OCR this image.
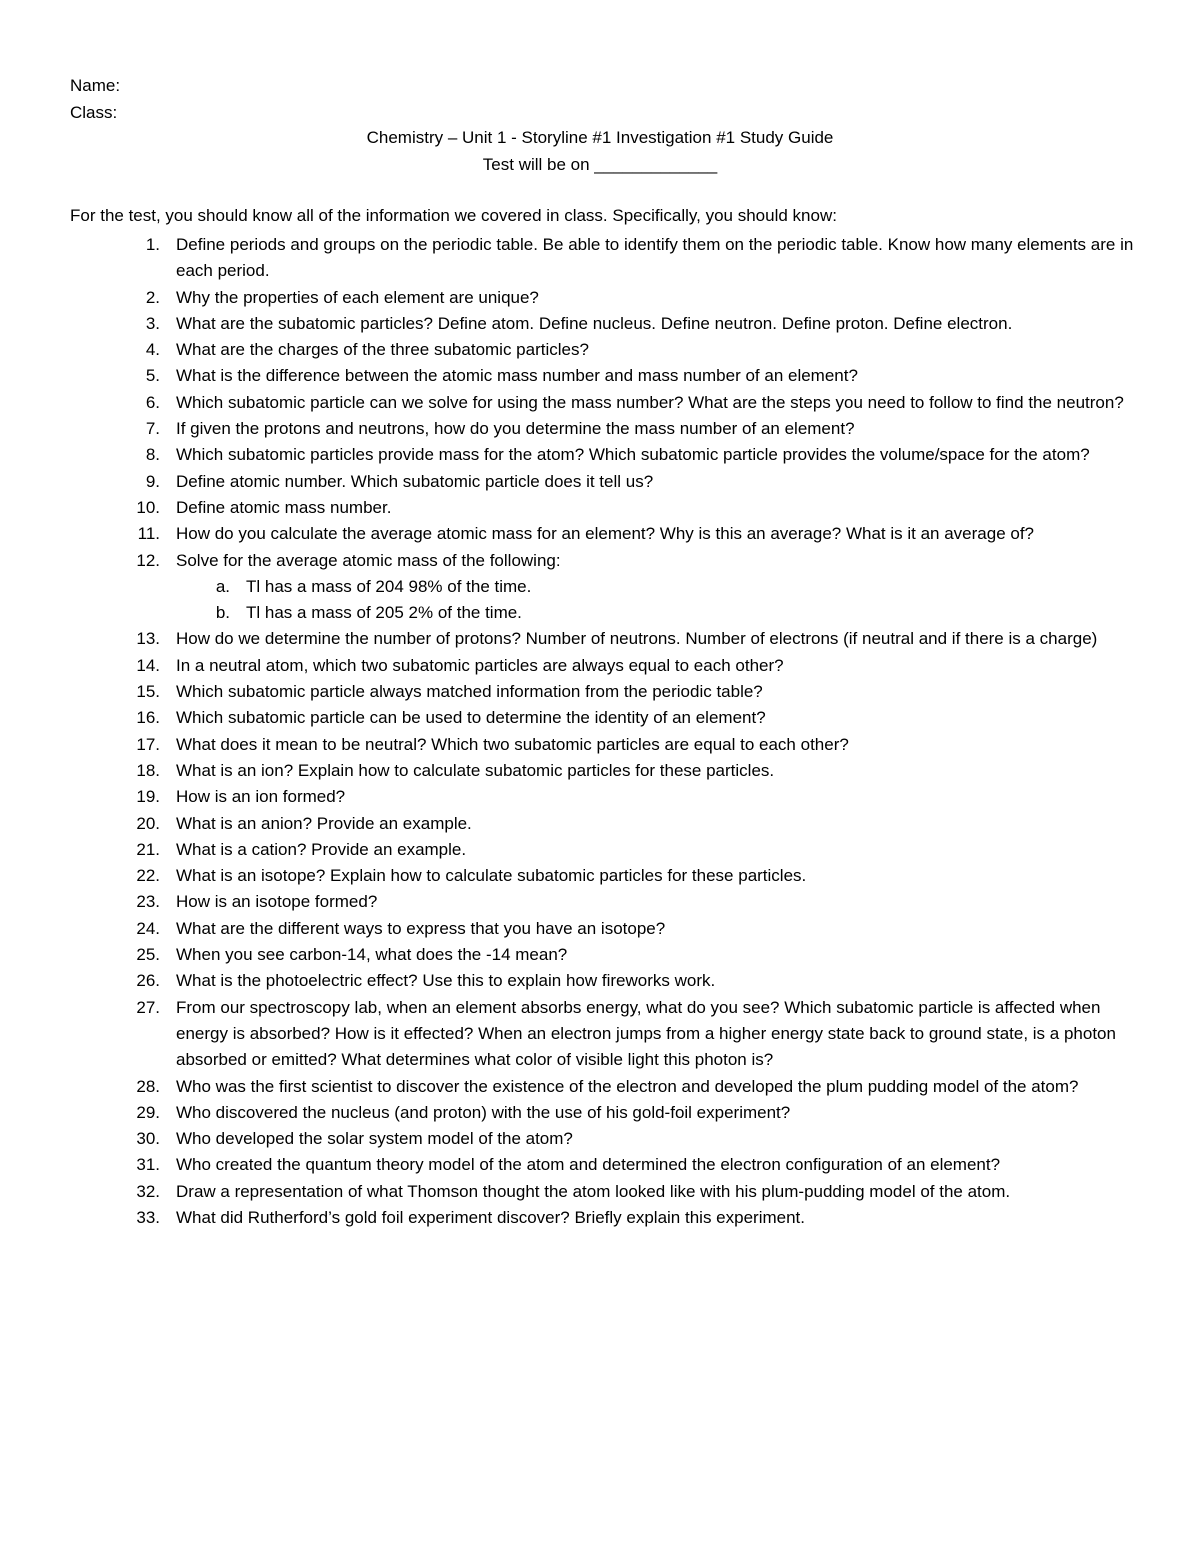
Name:
Class:
Chemistry – Unit 1 - Storyline #1 Investigation #1 Study Guide
Test will be on _____________
For the test, you should know all of the information we covered in class. Specifically, you should know:
1. Define periods and groups on the periodic table. Be able to identify them on the periodic table. Know how many elements are in each period.
2. Why the properties of each element are unique?
3. What are the subatomic particles? Define atom. Define nucleus. Define neutron. Define proton. Define electron.
4. What are the charges of the three subatomic particles?
5. What is the difference between the atomic mass number and mass number of an element?
6. Which subatomic particle can we solve for using the mass number? What are the steps you need to follow to find the neutron?
7. If given the protons and neutrons, how do you determine the mass number of an element?
8. Which subatomic particles provide mass for the atom? Which subatomic particle provides the volume/space for the atom?
9. Define atomic number. Which subatomic particle does it tell us?
10. Define atomic mass number.
11. How do you calculate the average atomic mass for an element? Why is this an average? What is it an average of?
12. Solve for the average atomic mass of the following:
a. Tl has a mass of 204 98% of the time.
b. Tl has a mass of 205 2% of the time.
13. How do we determine the number of protons? Number of neutrons. Number of electrons (if neutral and if there is a charge)
14. In a neutral atom, which two subatomic particles are always equal to each other?
15. Which subatomic particle always matched information from the periodic table?
16. Which subatomic particle can be used to determine the identity of an element?
17. What does it mean to be neutral? Which two subatomic particles are equal to each other?
18. What is an ion? Explain how to calculate subatomic particles for these particles.
19. How is an ion formed?
20. What is an anion? Provide an example.
21. What is a cation? Provide an example.
22. What is an isotope? Explain how to calculate subatomic particles for these particles.
23. How is an isotope formed?
24. What are the different ways to express that you have an isotope?
25. When you see carbon-14, what does the -14 mean?
26. What is the photoelectric effect? Use this to explain how fireworks work.
27. From our spectroscopy lab, when an element absorbs energy, what do you see? Which subatomic particle is affected when energy is absorbed? How is it effected? When an electron jumps from a higher energy state back to ground state, is a photon absorbed or emitted? What determines what color of visible light this photon is?
28. Who was the first scientist to discover the existence of the electron and developed the plum pudding model of the atom?
29. Who discovered the nucleus (and proton) with the use of his gold-foil experiment?
30. Who developed the solar system model of the atom?
31. Who created the quantum theory model of the atom and determined the electron configuration of an element?
32. Draw a representation of what Thomson thought the atom looked like with his plum-pudding model of the atom.
33. What did Rutherford’s gold foil experiment discover? Briefly explain this experiment.
